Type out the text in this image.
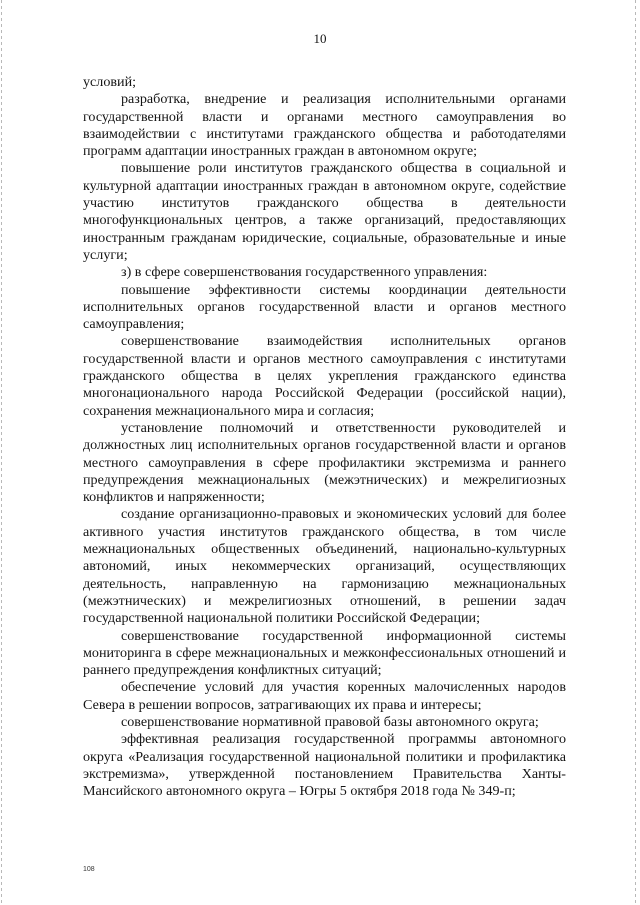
10

условий;

разработка, внедрение и реализация исполнительными органами государственной власти и органами местного самоуправления во взаимодействии с институтами гражданского общества и работодателями программ адаптации иностранных граждан в автономном округе;

повышение роли институтов гражданского общества в социальной и культурной адаптации иностранных граждан в автономном округе, содействие участию институтов гражданского общества в деятельности многофункциональных центров, а также организаций, предоставляющих иностранным гражданам юридические, социальные, образовательные и иные услуги;

з) в сфере совершенствования государственного управления:

повышение эффективности системы координации деятельности исполнительных органов государственной власти и органов местного самоуправления;

совершенствование взаимодействия исполнительных органов государственной власти и органов местного самоуправления с институтами гражданского общества в целях укрепления гражданского единства многонационального народа Российской Федерации (российской нации), сохранения межнационального мира и согласия;

установление полномочий и ответственности руководителей и должностных лиц исполнительных органов государственной власти и органов местного самоуправления в сфере профилактики экстремизма и раннего предупреждения межнациональных (межэтнических) и межрелигиозных конфликтов и напряженности;

создание организационно-правовых и экономических условий для более активного участия институтов гражданского общества, в том числе межнациональных общественных объединений, национально-культурных автономий, иных некоммерческих организаций, осуществляющих деятельность, направленную на гармонизацию межнациональных (межэтнических) и межрелигиозных отношений, в решении задач государственной национальной политики Российской Федерации;

совершенствование государственной информационной системы мониторинга в сфере межнациональных и межконфессиональных отношений и раннего предупреждения конфликтных ситуаций;

обеспечение условий для участия коренных малочисленных народов Севера в решении вопросов, затрагивающих их права и интересы;

совершенствование нормативной правовой базы автономного округа;

эффективная реализация государственной программы автономного округа «Реализация государственной национальной политики и профилактика экстремизма», утвержденной постановлением Правительства Ханты-Мансийского автономного округа – Югры 5 октября 2018 года № 349-п;

108
